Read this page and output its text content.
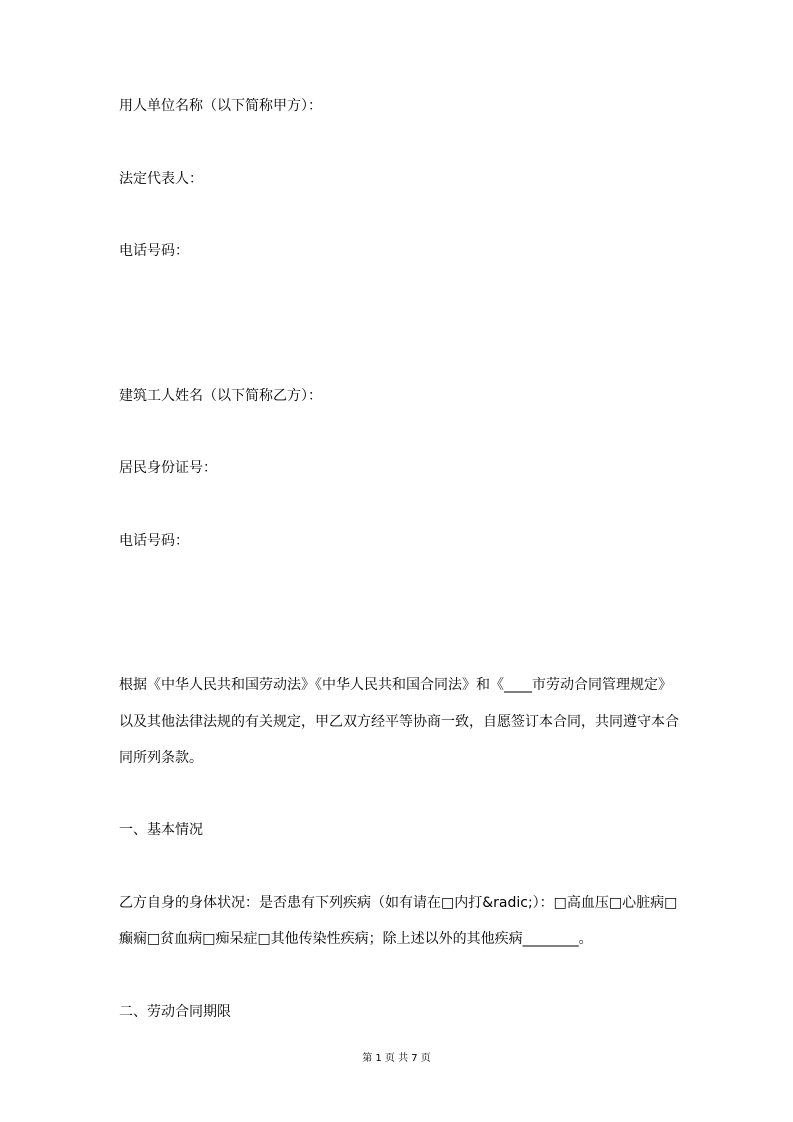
用人单位名称（以下简称甲方）：
法定代表人：
电话号码：
建筑工人姓名（以下简称乙方）：
居民身份证号：
电话号码：
根据《中华人民共和国劳动法》《中华人民共和国合同法》和《____市劳动合同管理规定》
以及其他法律法规的有关规定，甲乙双方经平等协商一致，自愿签订本合同，共同遵守本合
同所列条款。
一、基本情况
乙方自身的身体状况：是否患有下列疾病（如有请在□内打&radic;）：□高血压□心脏病□
癫痫□贫血病□痴呆症□其他传染性疾病；除上述以外的其他疾病________。
二、劳动合同期限
第 1 页 共 7 页
